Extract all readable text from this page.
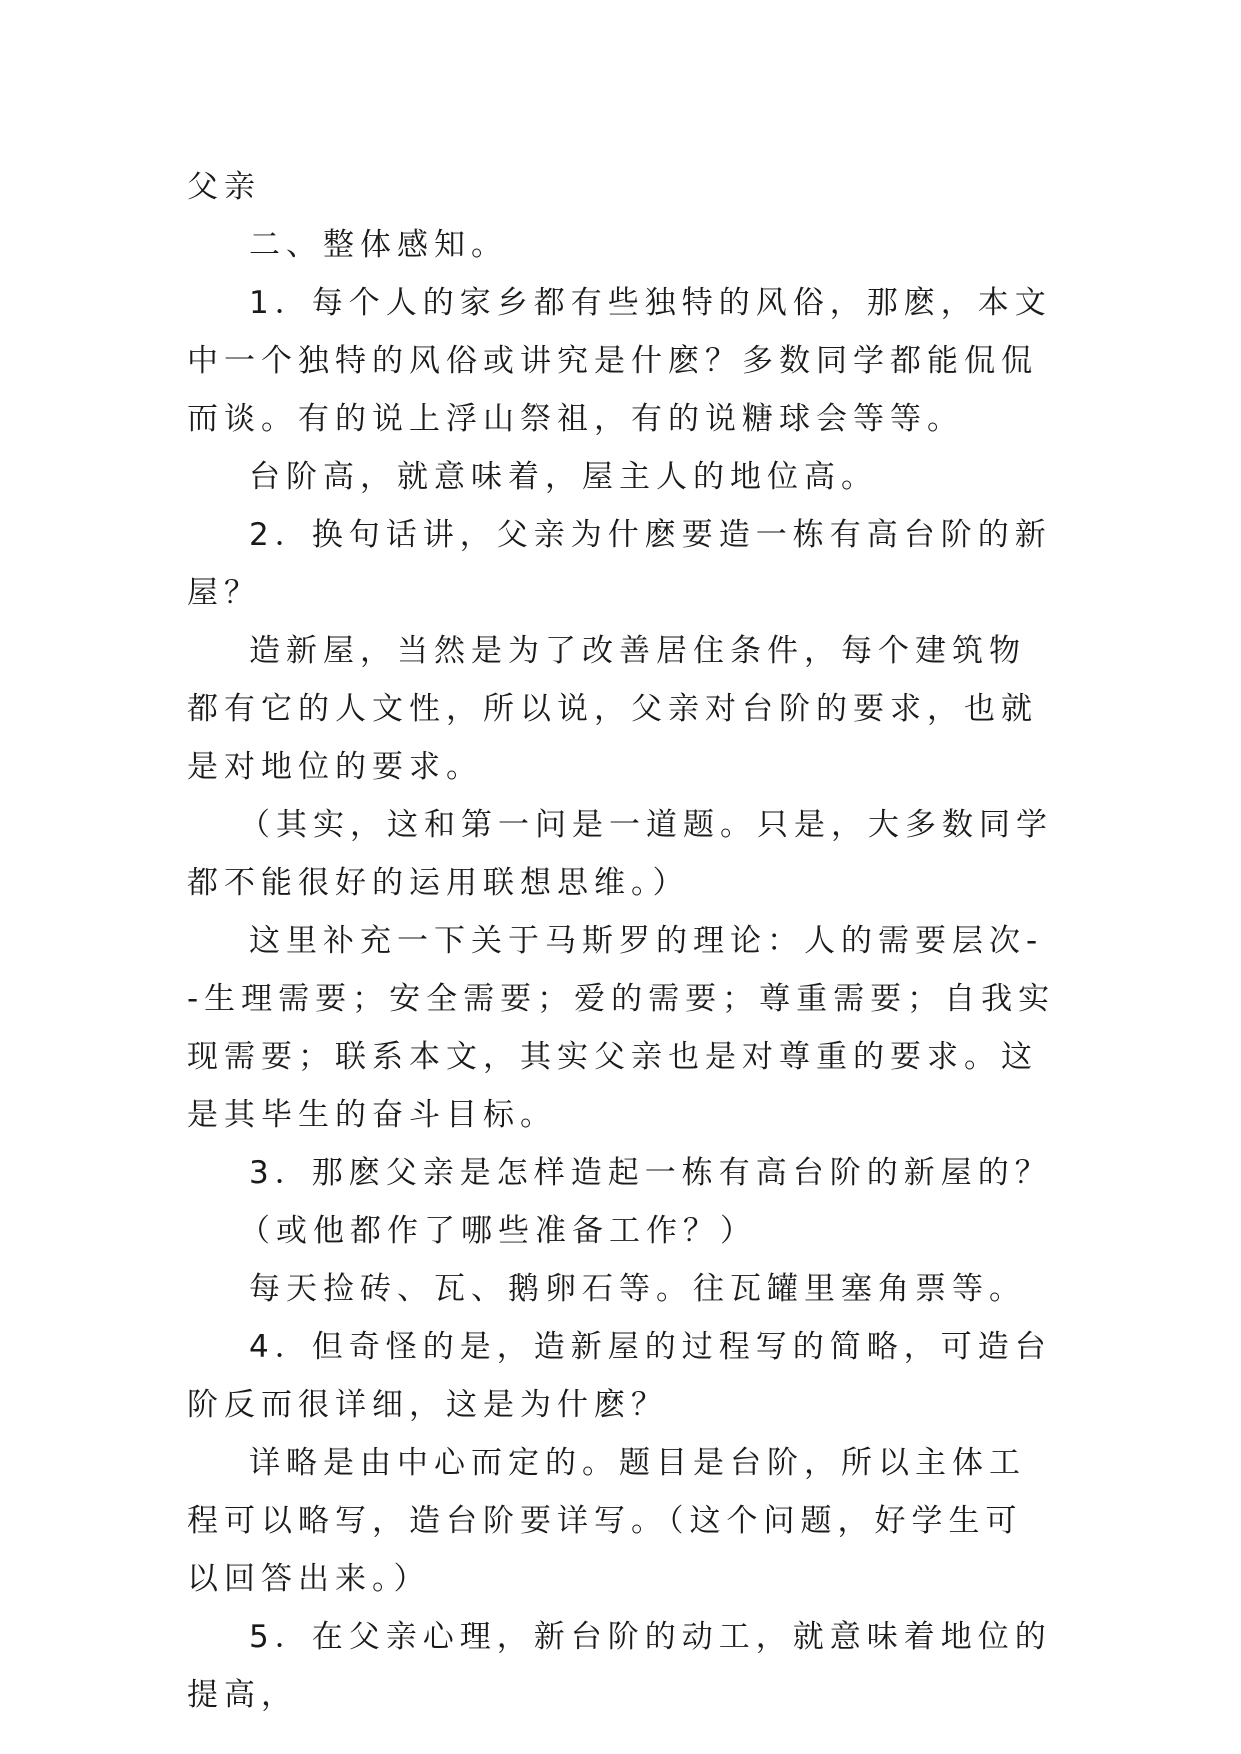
父亲

二、整体感知。

1．每个人的家乡都有些独特的风俗，那麽，本文中一个独特的风俗或讲究是什麽？多数同学都能侃侃而谈。有的说上浮山祭祖，有的说糖球会等等。

台阶高，就意味着，屋主人的地位高。

2．换句话讲，父亲为什麽要造一栋有高台阶的新屋？

造新屋，当然是为了改善居住条件，每个建筑物都有它的人文性，所以说，父亲对台阶的要求，也就是对地位的要求。

（其实，这和第一问是一道题。只是，大多数同学都不能很好的运用联想思维。）

这里补充一下关于马斯罗的理论：人的需要层次--生理需要；安全需要；爱的需要；尊重需要；自我实现需要；联系本文，其实父亲也是对尊重的要求。这是其毕生的奋斗目标。

3．那麽父亲是怎样造起一栋有高台阶的新屋的？

（或他都作了哪些准备工作？）

每天捡砖、瓦、鹅卵石等。往瓦罐里塞角票等。

4．但奇怪的是，造新屋的过程写的简略，可造台阶反而很详细，这是为什麽？

详略是由中心而定的。题目是台阶，所以主体工程可以略写，造台阶要详写。（这个问题，好学生可以回答出来。）

5．在父亲心理，新台阶的动工，就意味着地位的提高，
